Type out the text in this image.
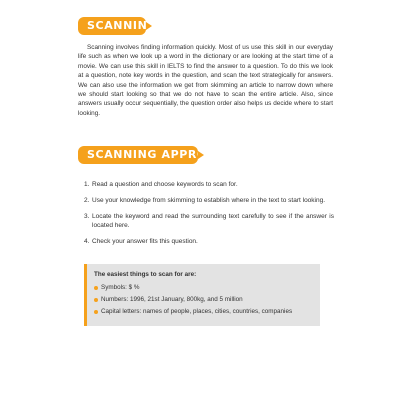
SCANNING

Scanning involves finding information quickly. Most of us use this skill in our everyday life such as when we look up a word in the dictionary or are looking at the start time of a movie. We can use this skill in IELTS to find the answer to a question. To do this we look at a question, note key words in the question, and scan the text strategically for answers. We can also use the information we get from skimming an article to narrow down where we should start looking so that we do not have to scan the entire article. Also, since answers usually occur sequentially, the question order also helps us decide where to start looking.

SCANNING APPROACH
1. Read a question and choose keywords to scan for.
2. Use your knowledge from skimming to establish where in the text to start looking.
3. Locate the keyword and read the surrounding text carefully to see if the answer is located here.
4. Check your answer fits this question.
The easiest things to scan for are:
Symbols: $ %
Numbers: 1996, 21st January, 800kg, and 5 million
Capital letters: names of people, places, cities, countries, companies
